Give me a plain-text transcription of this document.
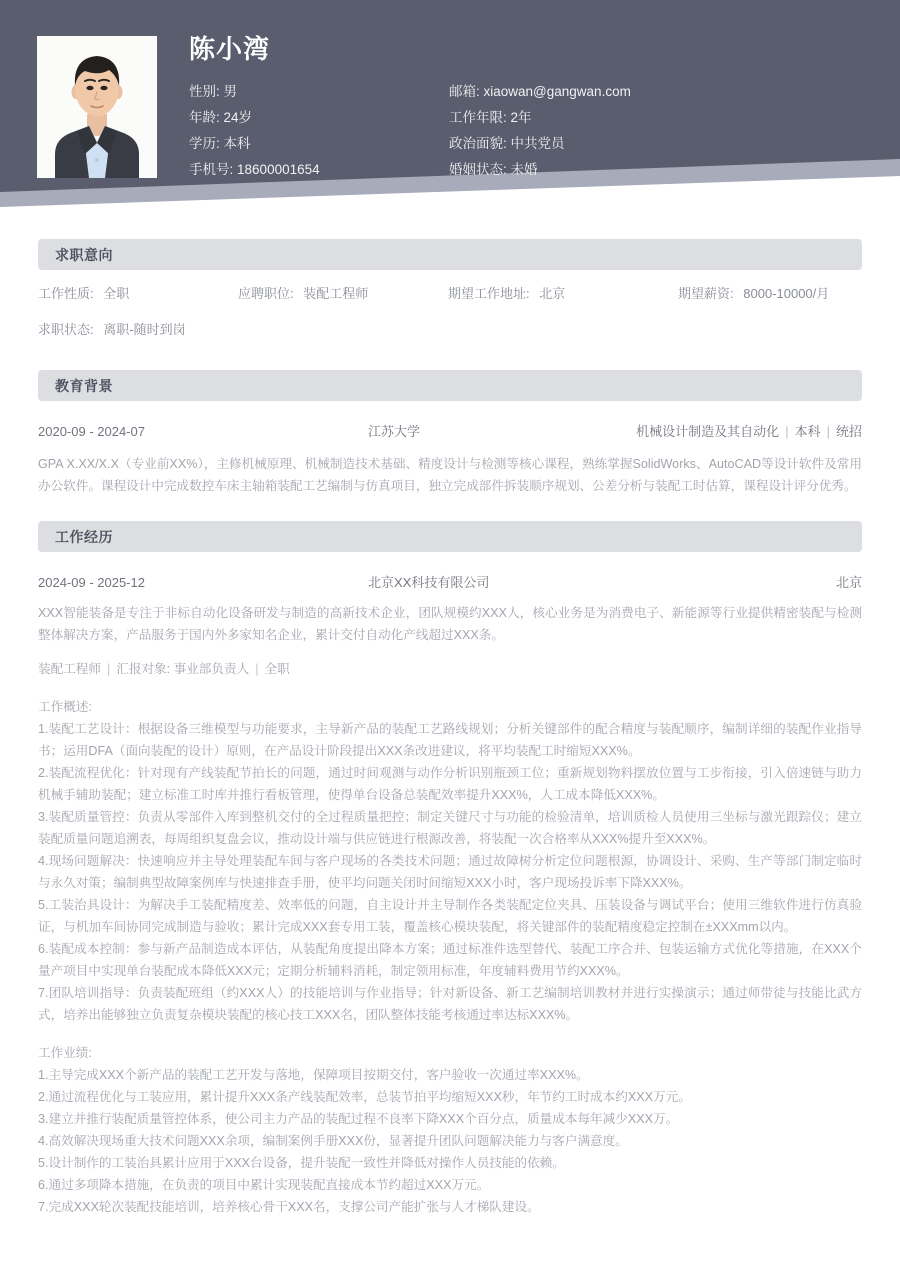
陈小湾
性别: 男	邮箱: xiaowan@gangwan.com
年龄: 24岁	工作年限: 2年
学历: 本科	政治面貌: 中共党员
手机号: 18600001654	婚姻状态: 未婚
求职意向
工作性质: 全职	应聘职位: 装配工程师	期望工作地址: 北京	期望薪资: 8000-10000/月
求职状态: 离职-随时到岗
教育背景
2020-09 - 2024-07	江苏大学	机械设计制造及其自动化 | 本科 | 统招

GPA X.XX/X.X（专业前XX%），主修机械原理、机械制造技术基础、精度设计与检测等核心课程，熟练掌握SolidWorks、AutoCAD等设计软件及常用办公软件。课程设计中完成数控车床主轴箱装配工艺编制与仿真项目，独立完成部件拆装顺序规划、公差分析与装配工时估算，课程设计评分优秀。

工作经历
2024-09 - 2025-12	北京XX科技有限公司	北京

XXX智能装备是专注于非标自动化设备研发与制造的高新技术企业，团队规模约XXX人，核心业务是为消费电子、新能源等行业提供精密装配与检测整体解决方案，产品服务于国内外多家知名企业，累计交付自动化产线超过XXX条。

装配工程师 | 汇报对象: 事业部负责人 | 全职
工作概述:
1.装配工艺设计：根据设备三维模型与功能要求，主导新产品的装配工艺路线规划；分析关键部件的配合精度与装配顺序，编制详细的装配作业指导书；运用DFA（面向装配的设计）原则，在产品设计阶段提出XXX条改进建议，将平均装配工时缩短XXX%。
2.装配流程优化：针对现有产线装配节拍长的问题，通过时间观测与动作分析识别瓶颈工位；重新规划物料摆放位置与工步衔接，引入倍速链与助力机械手辅助装配；建立标准工时库并推行看板管理，使得单台设备总装配效率提升XXX%，人工成本降低XXX%。
3.装配质量管控：负责从零部件入库到整机交付的全过程质量把控；制定关键尺寸与功能的检验清单，培训质检人员使用三坐标与激光跟踪仪；建立装配质量问题追溯表，每周组织复盘会议，推动设计端与供应链进行根源改善，将装配一次合格率从XXX%提升至XXX%。
4.现场问题解决：快速响应并主导处理装配车间与客户现场的各类技术问题；通过故障树分析定位问题根源，协调设计、采购、生产等部门制定临时与永久对策；编制典型故障案例库与快速排查手册，使平均问题关闭时间缩短XXX小时，客户现场投诉率下降XXX%。
5.工装治具设计：为解决手工装配精度差、效率低的问题，自主设计并主导制作各类装配定位夹具、压装设备与调试平台；使用三维软件进行仿真验证，与机加车间协同完成制造与验收；累计完成XXX套专用工装，覆盖核心模块装配，将关键部件的装配精度稳定控制在±XXXmm以内。
6.装配成本控制：参与新产品制造成本评估，从装配角度提出降本方案；通过标准件选型替代、装配工序合并、包装运输方式优化等措施，在XXX个量产项目中实现单台装配成本降低XXX元；定期分析辅料消耗，制定领用标准，年度辅料费用节约XXX%。
7.团队培训指导：负责装配班组（约XXX人）的技能培训与作业指导；针对新设备、新工艺编制培训教材并进行实操演示；通过师带徒与技能比武方式，培养出能够独立负责复杂模块装配的核心技工XXX名，团队整体技能考核通过率达标XXX%。
工作业绩:
1.主导完成XXX个新产品的装配工艺开发与落地，保障项目按期交付，客户验收一次通过率XXX%。
2.通过流程优化与工装应用，累计提升XXX条产线装配效率，总装节拍平均缩短XXX秒，年节约工时成本约XXX万元。
3.建立并推行装配质量管控体系，使公司主力产品的装配过程不良率下降XXX个百分点，质量成本每年减少XXX万。
4.高效解决现场重大技术问题XXX余项，编制案例手册XXX份，显著提升团队问题解决能力与客户满意度。
5.设计制作的工装治具累计应用于XXX台设备，提升装配一致性并降低对操作人员技能的依赖。
6.通过多项降本措施，在负责的项目中累计实现装配直接成本节约超过XXX万元。
7.完成XXX轮次装配技能培训，培养核心骨干XXX名，支撑公司产能扩张与人才梯队建设。
